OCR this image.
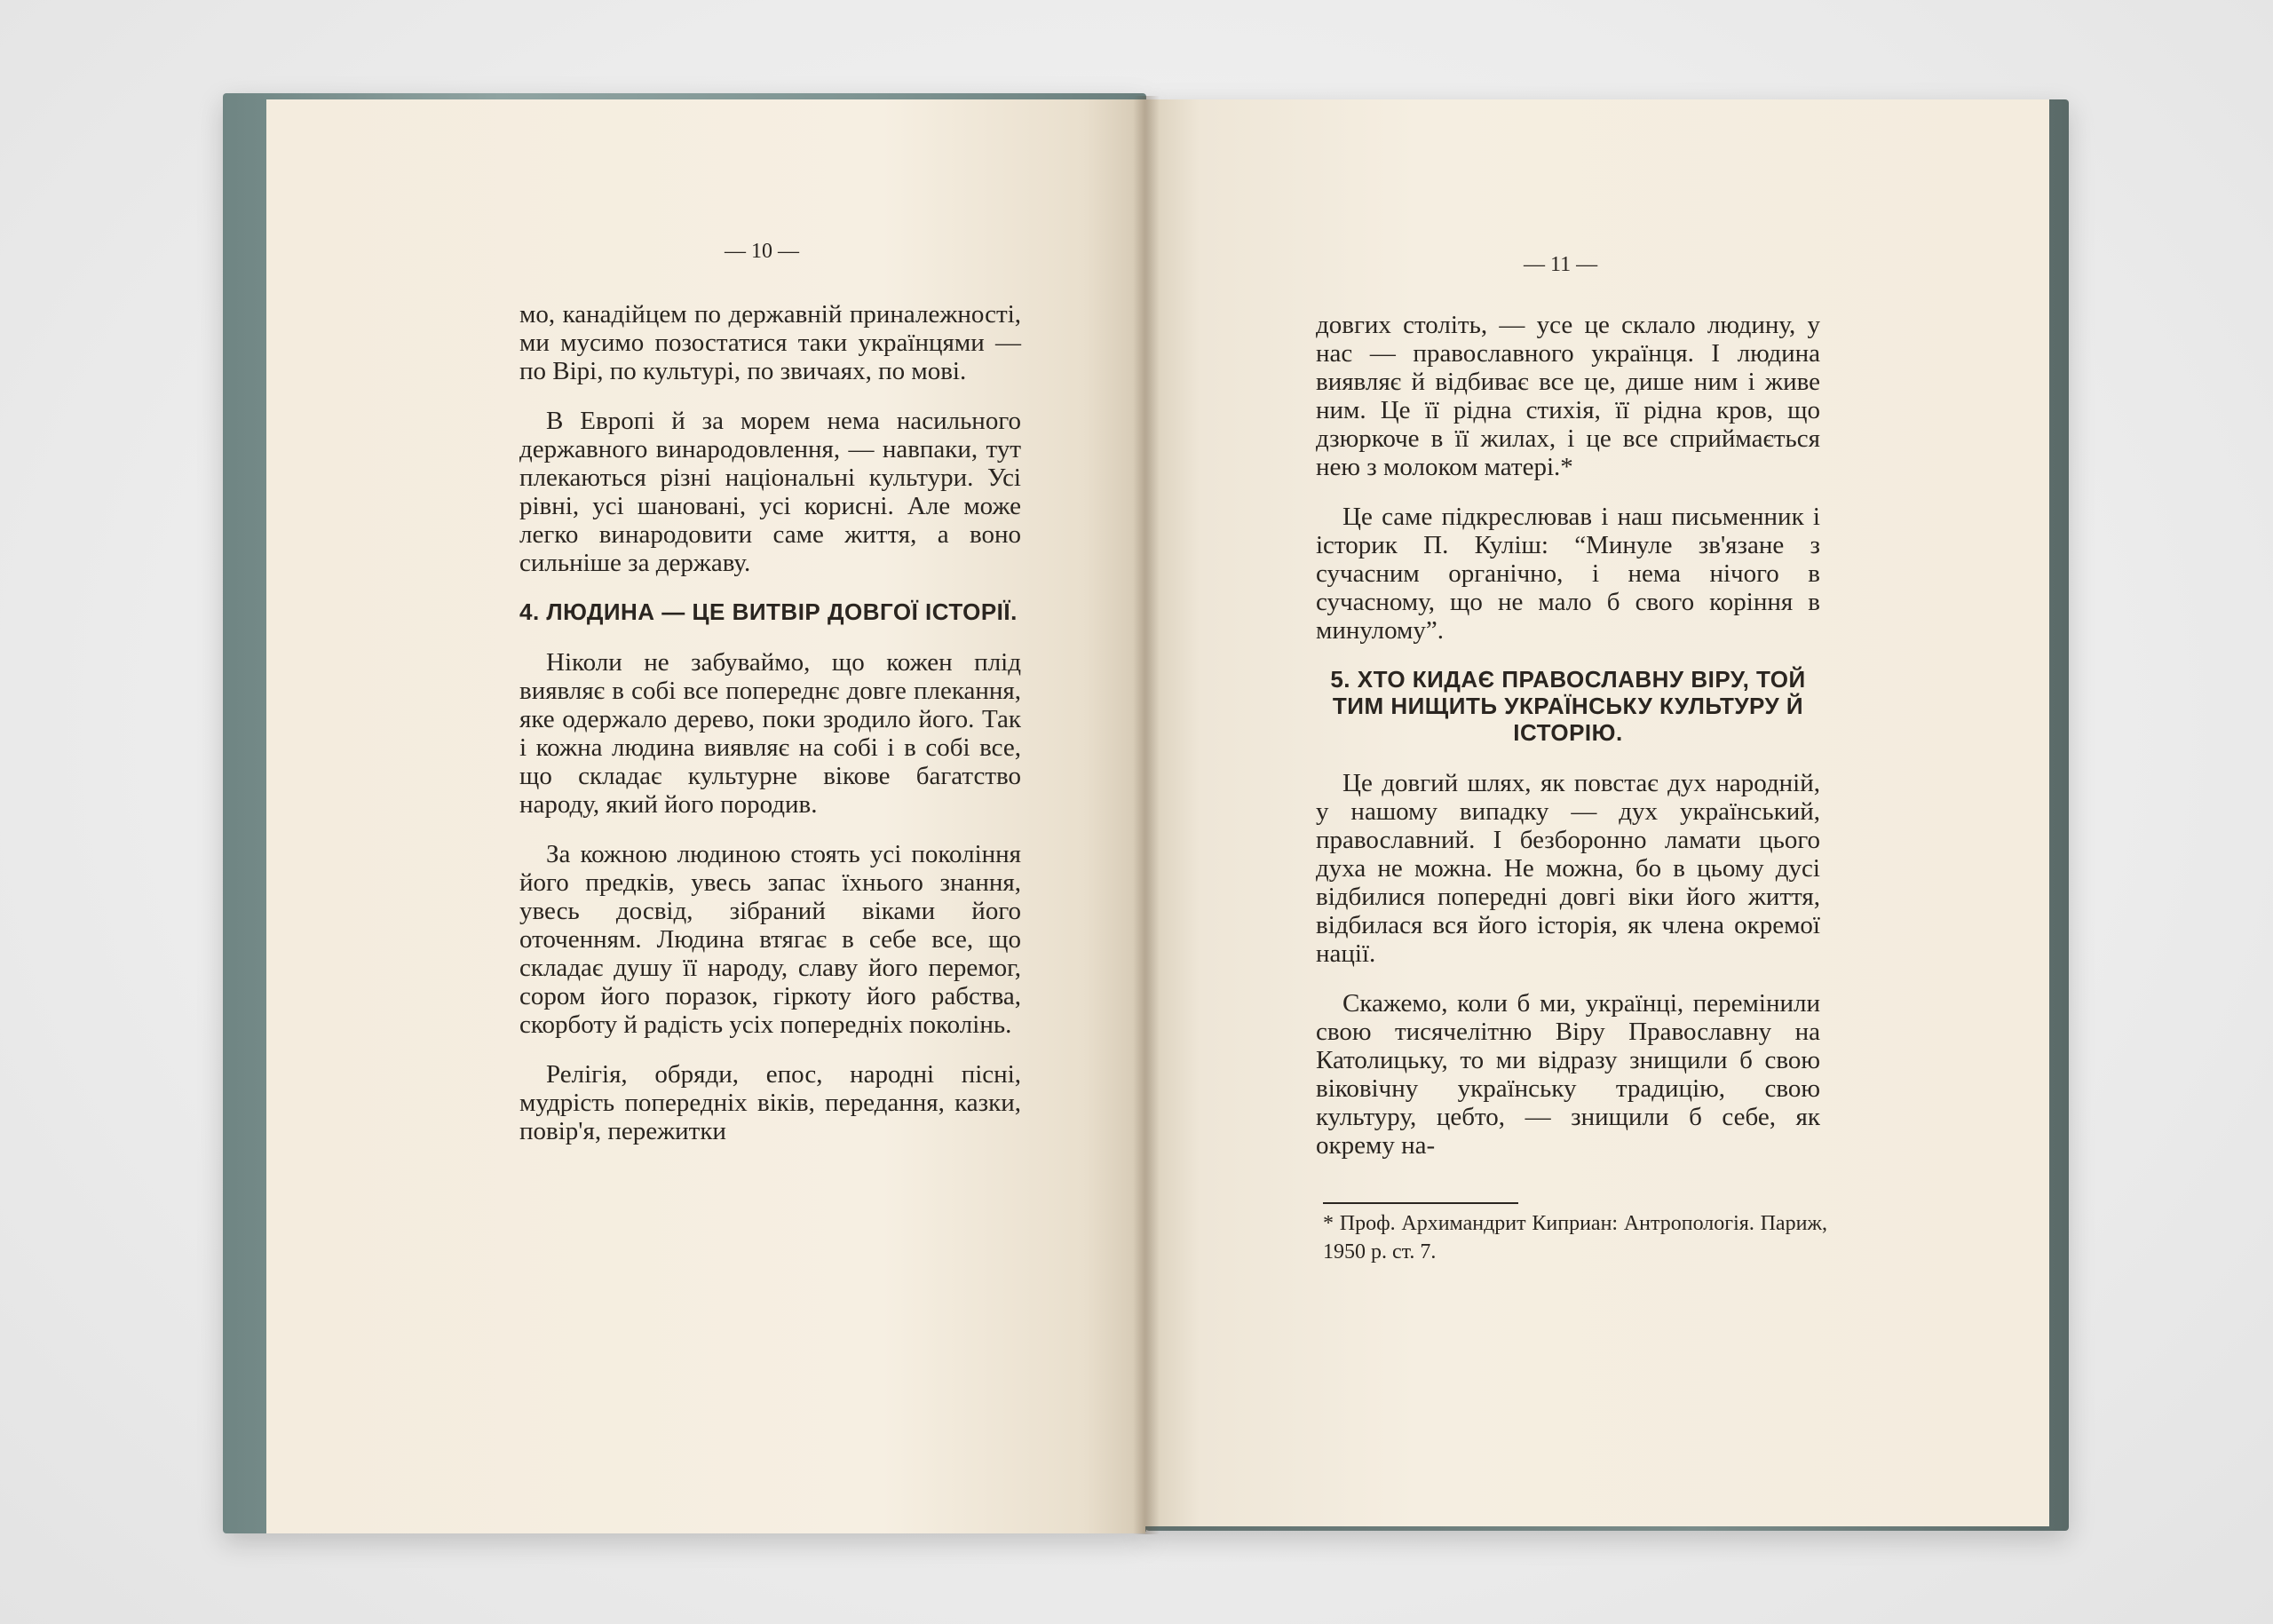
— 10 —

мо, канадійцем по державній приналежності, ми мусимо позостатися таки українцями — по Вірі, по культурі, по звичаях, по мові.

В Европі й за морем нема насильного державного винародовлення, — навпаки, тут плекаються різні національні культури. Усі рівні, усі шановані, усі корисні. Але може легко винародовити саме життя, а воно сильніше за державу.

4. ЛЮДИНА — ЦЕ ВИТВІР ДОВГОЇ ІСТОРІЇ.

Ніколи не забуваймо, що кожен плід виявляє в собі все попереднє довге плекання, яке одержало дерево, поки зродило його. Так і кожна людина виявляє на собі і в собі все, що складає культурне вікове багатство народу, який його породив.

За кожною людиною стоять усі покоління його предків, увесь запас їхнього знання, увесь досвід, зібраний віками його оточенням. Людина втягає в себе все, що складає душу її народу, славу його перемог, сором його поразок, гіркоту його рабства, скорботу й радість усіх попередніх поколінь.

Релігія, обряди, епос, народні пісні, мудрість попередніх віків, передання, казки, повір'я, пережитки

— 11 —

довгих століть, — усе це склало людину, у нас — православного українця. І людина виявляє й відбиває все це, дише ним і живе ним. Це її рідна стихія, її рідна кров, що дзюркоче в її жилах, і це все сприймається нею з молоком матері.*

Це саме підкреслював і наш письменник і історик П. Куліш: “Минуле зв'язане з сучасним органічно, і нема нічого в сучасному, що не мало б свого коріння в минулому”.

5. ХТО КИДАЄ ПРАВОСЛАВНУ ВІРУ, ТОЙ ТИМ НИЩИТЬ УКРАЇНСЬКУ КУЛЬТУРУ Й ІСТОРІЮ.

Це довгий шлях, як повстає дух народній, у нашому випадку — дух український, православний. І безборонно ламати цього духа не можна. Не можна, бо в цьому дусі відбилися попередні довгі віки його життя, відбилася вся його історія, як члена окремої нації.

Скажемо, коли б ми, українці, перемінили свою тисячелітню Віру Православну на Католицьку, то ми відразу знищили б свою віковічну українську традицію, свою культуру, цебто, — знищили б себе, як окрему на-

* Проф. Архимандрит Киприан: Антропологія. Париж, 1950 р. ст. 7.
